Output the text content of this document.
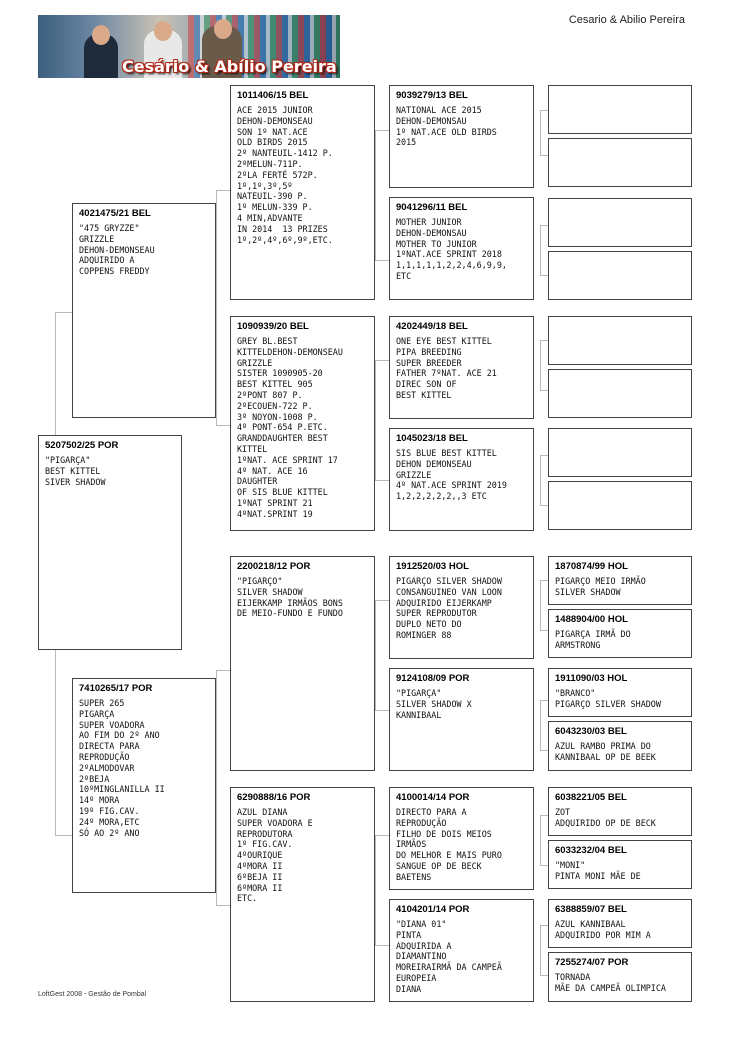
Cesário & Abílio Pereira
Cesario & Abilio Pereira
5207502/25 POR
"PIGARÇA"
BEST KITTEL
SIVER SHADOW
4021475/21 BEL
"475 GRYZZE"
GRIZZLE
DEHON-DEMONSEAU
ADQUIRIDO A
COPPENS FREDDY
7410265/17 POR
SUPER 265
PIGARÇA
SUPER VOADORA
AO FIM DO 2º ANO
DIRECTA PARA
REPRODUÇÃO
2ºALMODOVAR
2ºBEJA
10ºMINGLANILLA II
14º MORA
19º FIG.CAV.
24º MORA,ETC
SÓ AO 2º ANO
1011406/15 BEL
ACE 2015 JUNIOR
DEHON-DEMONSEAU
SON 1º NAT.ACE
OLD BIRDS 2015
2º NANTEUIL-1412 P.
2ºMELUN-711P.
2ºLA FERTÉ 572P.
1º,1º,3º,5º
NATEUIL-390 P.
1º MELUN-339 P.
4 MIN,ADVANTE
IN 2014  13 PRIZES
1º,2º,4º,6º,9º,ETC.
1090939/20 BEL
GREY BL.BEST
KITTELDEHON-DEMONSEAU
GRIZZLE
SISTER 1090905-20
BEST KITTEL 905
2ºPONT 807 P.
2ºECOUEN-722 P.
3º NOYON-1008 P.
4º PONT-654 P.ETC.
GRANDDAUGHTER BEST
KITTEL
1ºNAT. ACE SPRINT 17
4º NAT. ACE 16
DAUGHTER
OF SIS BLUE KITTEL
1ºNAT SPRINT 21
4ºNAT.SPRINT 19
2200218/12 POR
"PIGARÇO"
SILVER SHADOW
EIJERKAMP IRMÃOS BONS
DE MEIO-FUNDO E FUNDO
6290888/16 POR
AZUL DIANA
SUPER VOADORA E
REPRODUTORA
1º FIG.CAV.
4ºOURIQUE
4ºMORA II
6ºBEJA II
6ºMORA II
ETC.
9039279/13 BEL
NATIONAL ACE 2015
DEHON-DEMONSAU
1º NAT.ACE OLD BIRDS
2015
9041296/11 BEL
MOTHER JUNIOR
DEHON-DEMONSAU
MOTHER TO JUNIOR
1ºNAT.ACE SPRINT 2018
1,1,1,1,1,2,2,4,6,9,9,
ETC
4202449/18 BEL
ONE EYE BEST KITTEL
PIPA BREEDING
SUPER BREEDER
FATHER 7ºNAT. ACE 21
DIREC SON OF
BEST KITTEL
1045023/18 BEL
SIS BLUE BEST KITTEL
DEHON DEMONSEAU
GRIZZLE
4º NAT.ACE SPRINT 2019
1,2,2,2,2,2,,3 ETC
1912520/03 HOL
PIGARÇO SILVER SHADOW
CONSANGUINEO VAN LOON
ADQUIRIDO EIJERKAMP
SUPER REPRODUTOR
DUPLO NETO DO
ROMINGER 88
9124108/09 POR
"PIGARÇA"
SILVER SHADOW X
KANNIBAAL
4100014/14 POR
DIRECTO PARA A
REPRODUÇÃO
FILHO DE DOIS MEIOS
IRMÃOS
DO MELHOR E MAIS PURO
SANGUE OP DE BECK
BAETENS
4104201/14 POR
"DIANA 01"
PINTA
ADQUIRIDA A
DIAMANTINO
MOREIRAIRMÃ DA CAMPEÃ
EUROPEIA
DIANA
1870874/99 HOL
PIGARÇO MEIO IRMÃO
SILVER SHADOW
1488904/00 HOL
PIGARÇA IRMÃ DO
ARMSTRONG
1911090/03 HOL
"BRANCO"
PIGARÇO SILVER SHADOW
6043230/03 BEL
AZUL RAMBO PRIMA DO
KANNIBAAL OP DE BEEK
6038221/05 BEL
ZOT
ADQUIRIDO OP DE BECK
6033232/04 BEL
"MONI"
PINTA MONI MÃE DE
6388859/07 BEL
AZUL KANNIBAAL
ADQUIRIDO POR MIM A
7255274/07 POR
TORNADA
MÃE DA CAMPEÃ OLIMPICA
LoftGest 2008 - Gestão de Pombal
